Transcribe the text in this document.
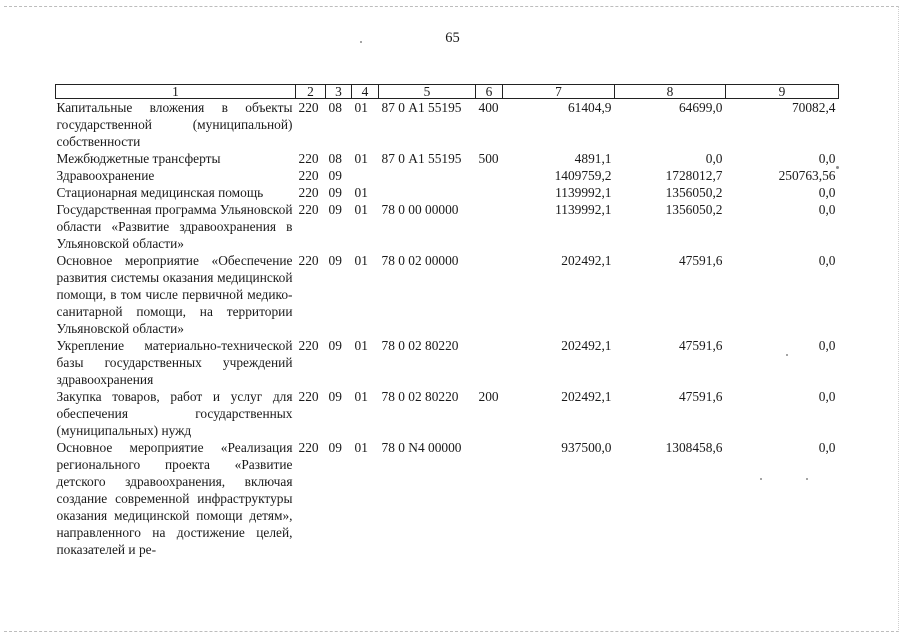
65
1	2	3	4	5	6	7	8	9
Капитальные вложения в объекты государственной (муниципальной) собственности	220	08	01	87 0 А1 55195	400	61404,9	64699,0	70082,4
Межбюджетные трансферты	220	08	01	87 0 А1 55195	500	4891,1	0,0	0,0
Здравоохранение	220	09				1409759,2	1728012,7	250763,56
Стационарная медицинская помощь	220	09	01			1139992,1	1356050,2	0,0
Государственная программа Ульяновской области «Развитие здравоохранения в Ульяновской области»	220	09	01	78 0 00 00000		1139992,1	1356050,2	0,0
Основное мероприятие «Обеспечение развития системы оказания медицинской помощи, в том числе первичной медико-санитарной помощи, на территории Ульяновской области»	220	09	01	78 0 02 00000		202492,1	47591,6	0,0
Укрепление материально-технической базы государственных учреждений здравоохранения	220	09	01	78 0 02 80220		202492,1	47591,6	0,0
Закупка товаров, работ и услуг для обеспечения государственных (муниципальных) нужд	220	09	01	78 0 02 80220	200	202492,1	47591,6	0,0
Основное мероприятие «Реализация регионального проекта «Развитие детского здравоохранения, включая создание современной инфраструктуры оказания медицинской помощи детям», направленного на достижение целей, показателей и ре-	220	09	01	78 0 N4 00000		937500,0	1308458,6	0,0
